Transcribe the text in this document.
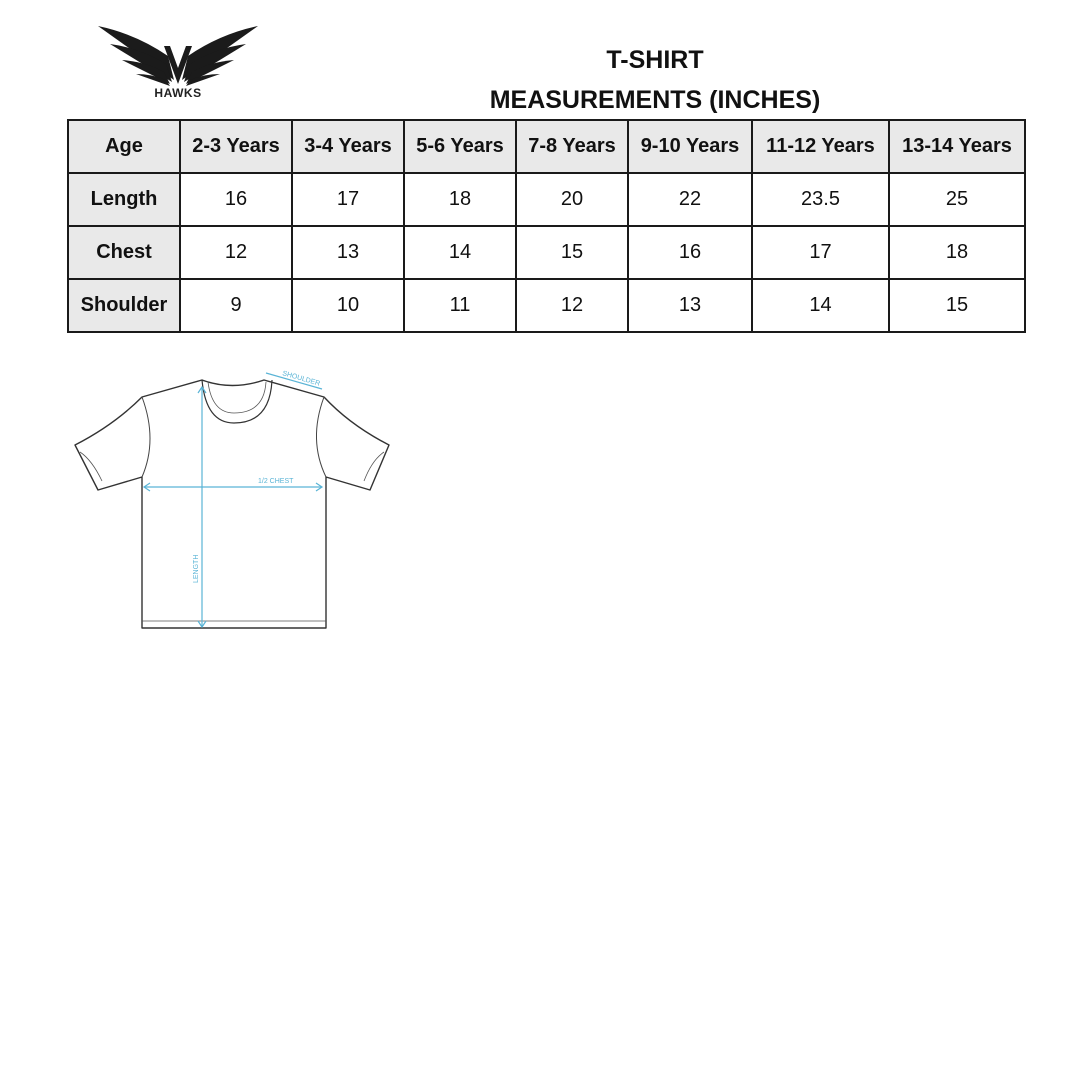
HAWKS
T-SHIRT
MEASUREMENTS (INCHES)
Age	2-3 Years	3-4 Years	5-6 Years	7-8 Years	9-10 Years	11-12 Years	13-14 Years
Length	16	17	18	20	22	23.5	25
Chest	12	13	14	15	16	17	18
Shoulder	9	10	11	12	13	14	15
SHOULDER
1/2 CHEST
LENGTH
